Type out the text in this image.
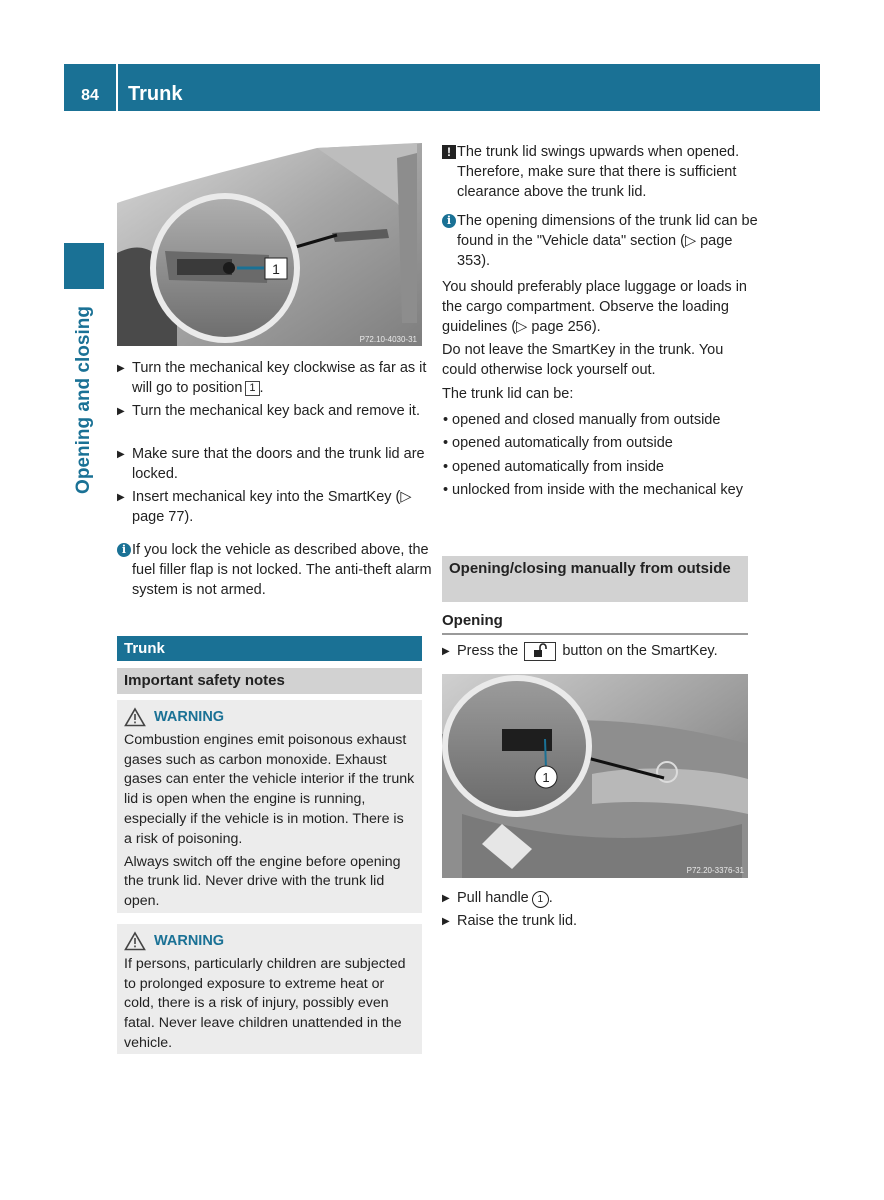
84	Trunk
Opening and closing
1
P72.10-4030-31
▶ Turn the mechanical key clockwise as far as it will go to position 1 .
▶ Turn the mechanical key back and remove it.
▶ Make sure that the doors and the trunk lid are locked.
▶ Insert mechanical key into the SmartKey (▷ page 77).
i If you lock the vehicle as described above, the fuel filler flap is not locked. The anti-theft alarm system is not armed.
Trunk
Important safety notes
WARNING

Combustion engines emit poisonous exhaust gases such as carbon monoxide. Exhaust gases can enter the vehicle interior if the trunk lid is open when the engine is running, especially if the vehicle is in motion. There is a risk of poisoning.

Always switch off the engine before opening the trunk lid. Never drive with the trunk lid open.

WARNING

If persons, particularly children are subjected to prolonged exposure to extreme heat or cold, there is a risk of injury, possibly even fatal. Never leave children unattended in the vehicle.

! The trunk lid swings upwards when opened. Therefore, make sure that there is sufficient clearance above the trunk lid.
i The opening dimensions of the trunk lid can be found in the "Vehicle data" section (▷ page 353).
You should preferably place luggage or loads in the cargo compartment. Observe the loading guidelines (▷ page 256).
Do not leave the SmartKey in the trunk. You could otherwise lock yourself out.
The trunk lid can be:
• opened and closed manually from outside
• opened automatically from outside
• opened automatically from inside
• unlocked from inside with the mechanical key
Opening/closing manually from outside
Opening
▶ Press the	button on the SmartKey.
1
P72.20-3376-31
▶ Pull handle 1 .
▶ Raise the trunk lid.
